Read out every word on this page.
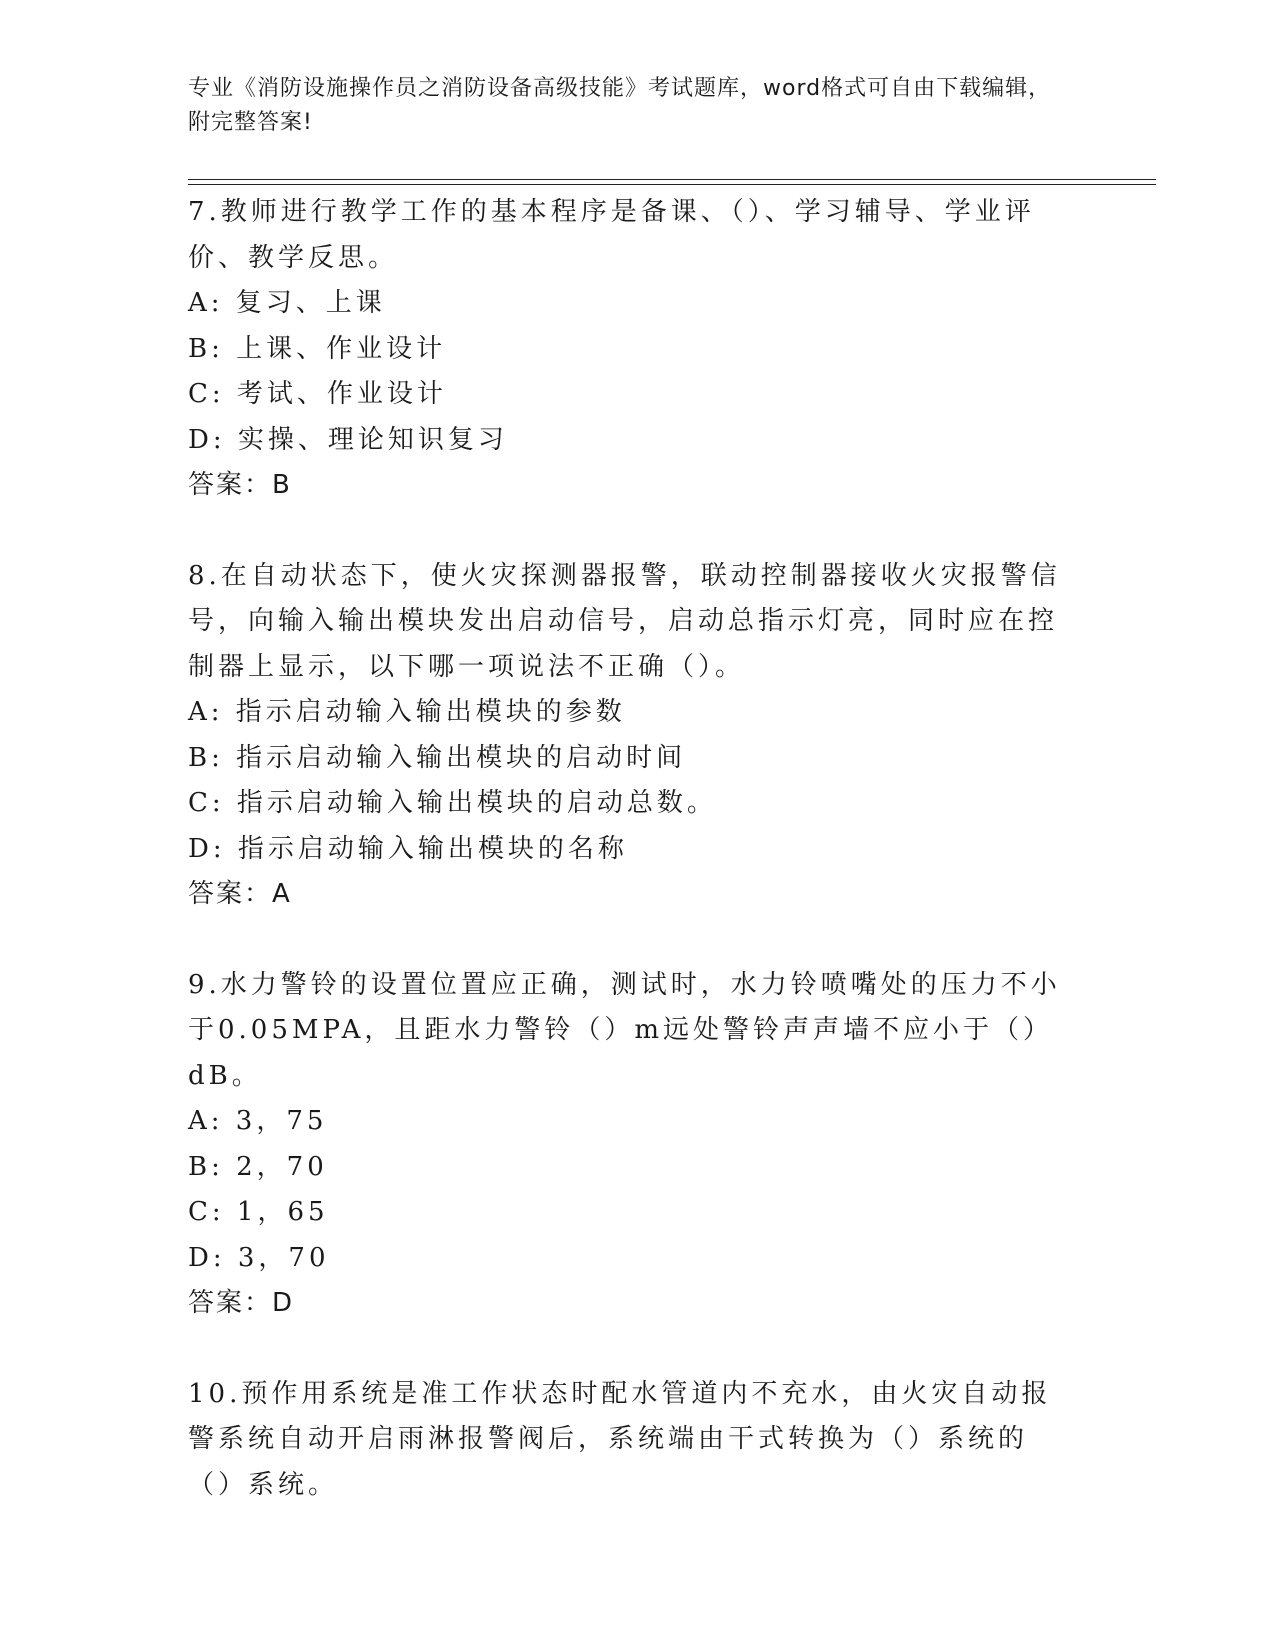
专业《消防设施操作员之消防设备高级技能》考试题库，word格式可自由下载编辑，附完整答案!

7.教师进行教学工作的基本程序是备课、（）、学习辅导、学业评价、教学反思。

A: 复习、上课

B: 上课、作业设计

C: 考试、作业设计

D: 实操、理论知识复习

答案：B

8.在自动状态下，使火灾探测器报警，联动控制器接收火灾报警信号，向输入输出模块发出启动信号，启动总指示灯亮，同时应在控制器上显示，以下哪一项说法不正确（）。

A: 指示启动输入输出模块的参数

B: 指示启动输入输出模块的启动时间

C: 指示启动输入输出模块的启动总数。

D: 指示启动输入输出模块的名称

答案：A

9.水力警铃的设置位置应正确，测试时，水力铃喷嘴处的压力不小于0.05MPA，且距水力警铃（）m远处警铃声声墙不应小于（）dB。

A: 3，75

B: 2，70

C: 1，65

D: 3，70

答案：D

10.预作用系统是准工作状态时配水管道内不充水，由火灾自动报警系统自动开启雨淋报警阀后，系统端由干式转换为（）系统的（）系统。
